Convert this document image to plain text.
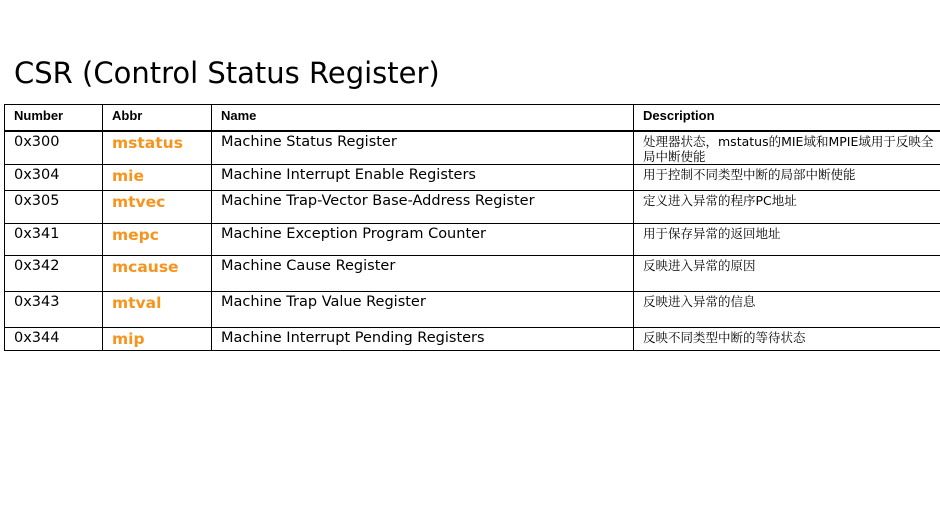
CSR (Control Status Register)
Number	Abbr	Name	Description
0x300	mstatus	Machine Status Register	处理器状态，mstatus的MIE域和MPIE域用于反映全局中断使能
0x304	mie	Machine Interrupt Enable Registers	用于控制不同类型中断的局部中断使能
0x305	mtvec	Machine Trap-Vector Base-Address Register	定义进入异常的程序PC地址
0x341	mepc	Machine Exception Program Counter	用于保存异常的返回地址
0x342	mcause	Machine Cause Register	反映进入异常的原因
0x343	mtval	Machine Trap Value Register	反映进入异常的信息
0x344	mip	Machine Interrupt Pending Registers	反映不同类型中断的等待状态
